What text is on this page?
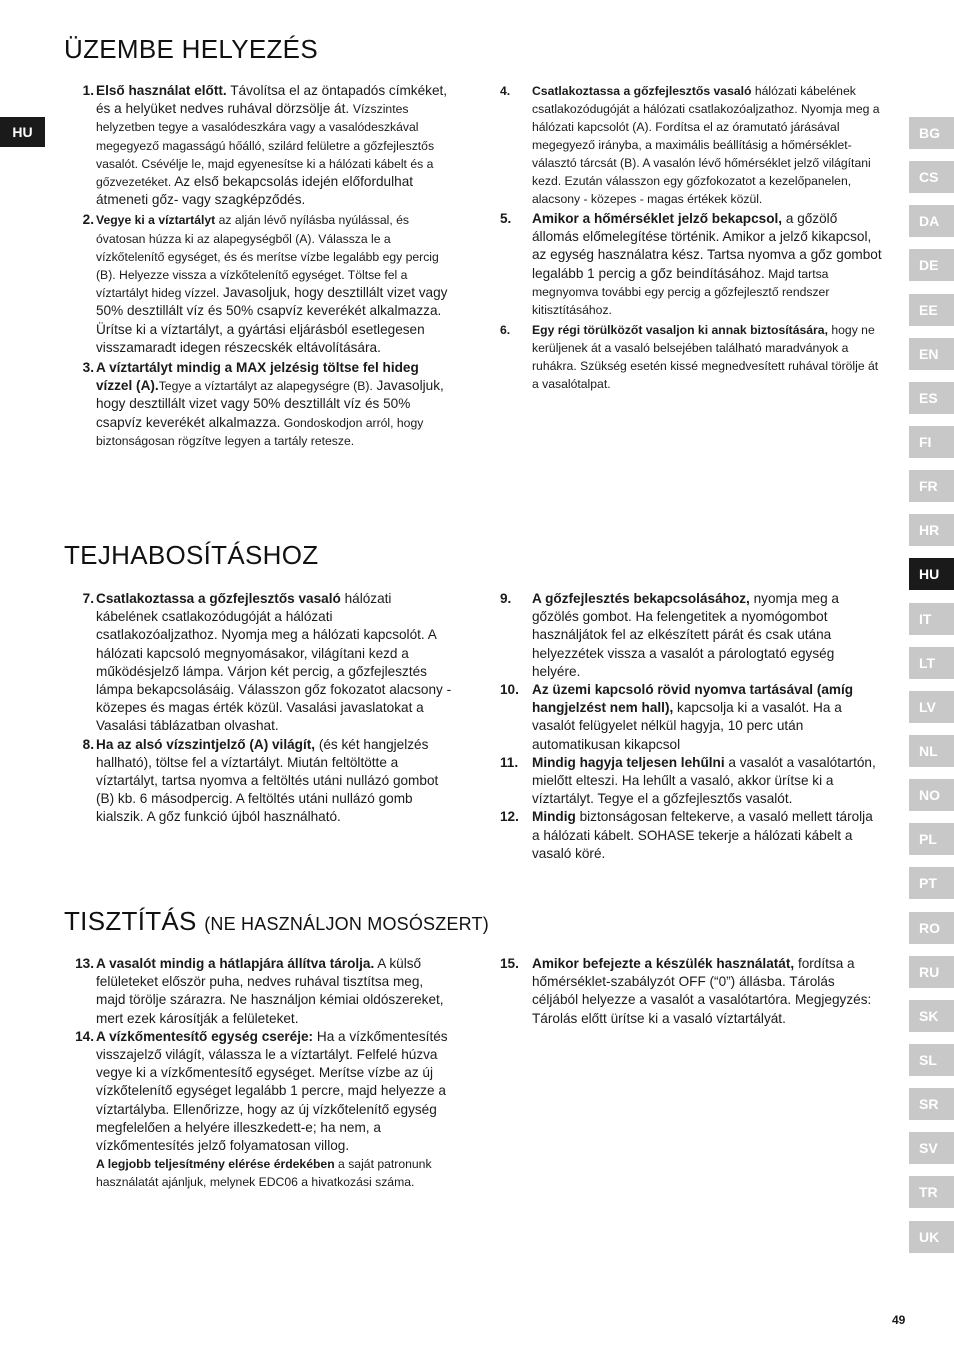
HU	BG
CS
DA
DE
EE
EN
ES
FI
FR
HR
HU
IT
LT
LV
NL
NO
PL
PT
RO
RU
SK
SL
SR
SV
TR
UK
ÜZEMBE HELYEZÉS

1. Első használat előtt. Távolítsa el az öntapadós címkéket, és a helyüket nedves ruhával dörzsölje át. Vízszintes helyzetben tegye a vasalódeszkára vagy a vasalódeszkával megegyező magasságú hőálló, szilárd felületre a gőzfejlesztős vasalót. Csévélje le, majd egyenesítse ki a hálózati kábelt és a gőzvezetéket. Az első bekapcsolás idején előfordulhat átmeneti gőz- vagy szagképződés.

2. Vegye ki a víztartályt az alján lévő nyílásba nyúlással, és óvatosan húzza ki az alapegységből (A). Válassza le a vízkőtelenítő egységet, és és merítse vízbe legalább egy percig (B). Helyezze vissza a vízkőtelenítő egységet. Töltse fel a víztartályt hideg vízzel. Javasoljuk, hogy desztillált vizet vagy 50% desztillált víz és 50% csapvíz keverékét alkalmazza. Ürítse ki a víztartályt, a gyártási eljárásból esetlegesen visszamaradt idegen részecskék eltávolítására.

3. A víztartályt mindig a MAX jelzésig töltse fel hideg vízzel (A).Tegye a víztartályt az alapegységre (B). Javasoljuk, hogy desztillált vizet vagy 50% desztillált víz és 50% csapvíz keverékét alkalmazza. Gondoskodjon arról, hogy biztonságosan rögzítve legyen a tartály retesze.

4.	Csatlakoztassa a gőzfejlesztős vasaló hálózati kábelének csatlakozódugóját a hálózati csatlakozóaljzathoz. Nyomja meg a hálózati kapcsolót (A). Fordítsa el az óramutató járásával megegyező irányba, a maximális beállításig a hőmérséklet-választó tárcsát (B). A vasalón lévő hőmérséklet jelző világítani kezd. Ezután válasszon egy gőzfokozatot a kezelőpanelen, alacsony - közepes - magas értékek közül.

5.	Amikor a hőmérséklet jelző bekapcsol, a gőzölő állomás előmelegítése történik. Amikor a jelző kikapcsol, az egység használatra kész. Tartsa nyomva a gőz gombot legalább 1 percig a gőz beindításához. Majd tartsa megnyomva további egy percig a gőzfejlesztő rendszer kitisztításához.

6.	Egy régi törülközőt vasaljon ki annak biztosítására, hogy ne kerüljenek át a vasaló belsejében található maradványok a ruhákra. Szükség esetén kissé megnedvesített ruhával törölje át a vasalótalpat.

TEJHABOSÍTÁSHOZ

7. Csatlakoztassa a gőzfejlesztős vasaló hálózati kábelének csatlakozódugóját a hálózati csatlakozóaljzathoz. Nyomja meg a hálózati kapcsolót. A hálózati kapcsoló megnyomásakor, világítani kezd a működésjelző lámpa. Várjon két percig, a gőzfejlesztés lámpa bekapcsolásáig. Válasszon gőz fokozatot alacsony - közepes és magas érték közül. Vasalási javaslatokat a Vasalási táblázatban olvashat.

8. Ha az alsó vízszintjelző (A) világít, (és két hangjelzés hallható), töltse fel a víztartályt. Miután feltöltötte a víztartályt, tartsa nyomva a feltöltés utáni nullázó gombot (B) kb. 6 másodpercig. A feltöltés utáni nullázó gomb kialszik. A gőz funkció újból használható.

9.	A gőzfejlesztés bekapcsolásához, nyomja meg a gőzölés gombot. Ha felengetitek a nyomógombot használjátok fel az elkészített párát és csak utána helyezzétek vissza a vasalót a párologtató egység helyére.

10. Az üzemi kapcsoló rövid nyomva tartásával (amíg hangjelzést nem hall), kapcsolja ki a vasalót. Ha a vasalót felügyelet nélkül hagyja, 10 perc után automatikusan kikapcsol

11.	Mindig hagyja teljesen lehűlni a vasalót a vasalótartón, mielőtt elteszi. Ha lehűlt a vasaló, akkor ürítse ki a víztartályt. Tegye el a gőzfejlesztős vasalót.

12. Mindig biztonságosan feltekerve, a vasaló mellett tárolja a hálózati kábelt. SOHASE tekerje a hálózati kábelt a vasaló köré.

TISZTÍTÁS (NE HASZNÁLJON MOSÓSZERT)

13. A vasalót mindig a hátlapjára állítva tárolja. A külső felületeket először puha, nedves ruhával tisztítsa meg, majd törölje szárazra. Ne használjon kémiai oldószereket, mert ezek károsítják a felületeket.

14. A vízkőmentesítő egység cseréje: Ha a vízkőmentesítés visszajelző világít, válassza le a víztartályt. Felfelé húzva vegye ki a vízkőmentesítő egységet. Merítse vízbe az új vízkőtelenítő egységet legalább 1 percre, majd helyezze a víztartályba. Ellenőrizze, hogy az új vízkőtelenítő egység megfelelően a helyére illeszkedett-e; ha nem, a vízkőmentesítés jelző folyamatosan villog.
A legjobb teljesítmény elérése érdekében a saját patronunk használatát ajánljuk, melynek EDC06 a hivatkozási száma.

15. Amikor befejezte a készülék használatát, fordítsa a hőmérséklet-szabályzót OFF (“0”) állásba. Tárolás céljából helyezze a vasalót a vasalótartóra. Megjegyzés: Tárolás előtt ürítse ki a vasaló víztartályát.

49
